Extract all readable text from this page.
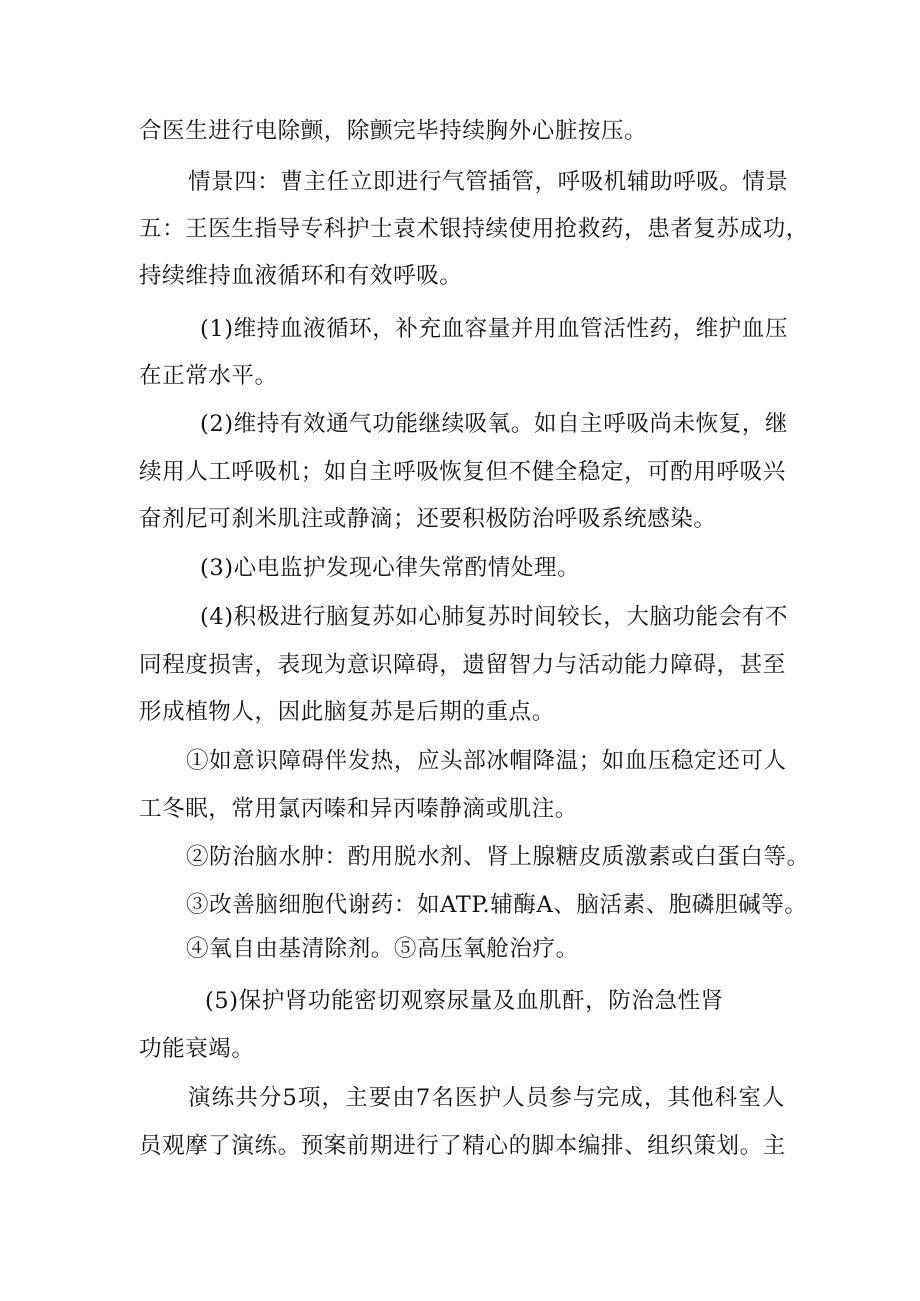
合医生进行电除颤，除颤完毕持续胸外心脏按压。
情景四：曹主任立即进行气管插管，呼吸机辅助呼吸。情景
五：王医生指导专科护士袁术银持续使用抢救药，患者复苏成功，
持续维持血液循环和有效呼吸。
(1)维持血液循环，补充血容量并用血管活性药，维护血压
在正常水平。
(2)维持有效通气功能继续吸氧。如自主呼吸尚未恢复，继
续用人工呼吸机；如自主呼吸恢复但不健全稳定，可酌用呼吸兴
奋剂尼可刹米肌注或静滴；还要积极防治呼吸系统感染。
(3)心电监护发现心律失常酌情处理。
(4)积极进行脑复苏如心肺复苏时间较长，大脑功能会有不
同程度损害，表现为意识障碍，遗留智力与活动能力障碍，甚至
形成植物人，因此脑复苏是后期的重点。
①如意识障碍伴发热，应头部冰帽降温；如血压稳定还可人
工冬眠，常用氯丙嗪和异丙嗪静滴或肌注。
②防治脑水肿：酌用脱水剂、肾上腺糖皮质激素或白蛋白等。
③改善脑细胞代谢药：如ATP.辅酶A、脑活素、胞磷胆碱等。
④氧自由基清除剂。⑤高压氧舱治疗。
(5)保护肾功能密切观察尿量及血肌酐，防治急性肾
功能衰竭。
演练共分5项，主要由7名医护人员参与完成，其他科室人
员观摩了演练。预案前期进行了精心的脚本编排、组织策划。主
